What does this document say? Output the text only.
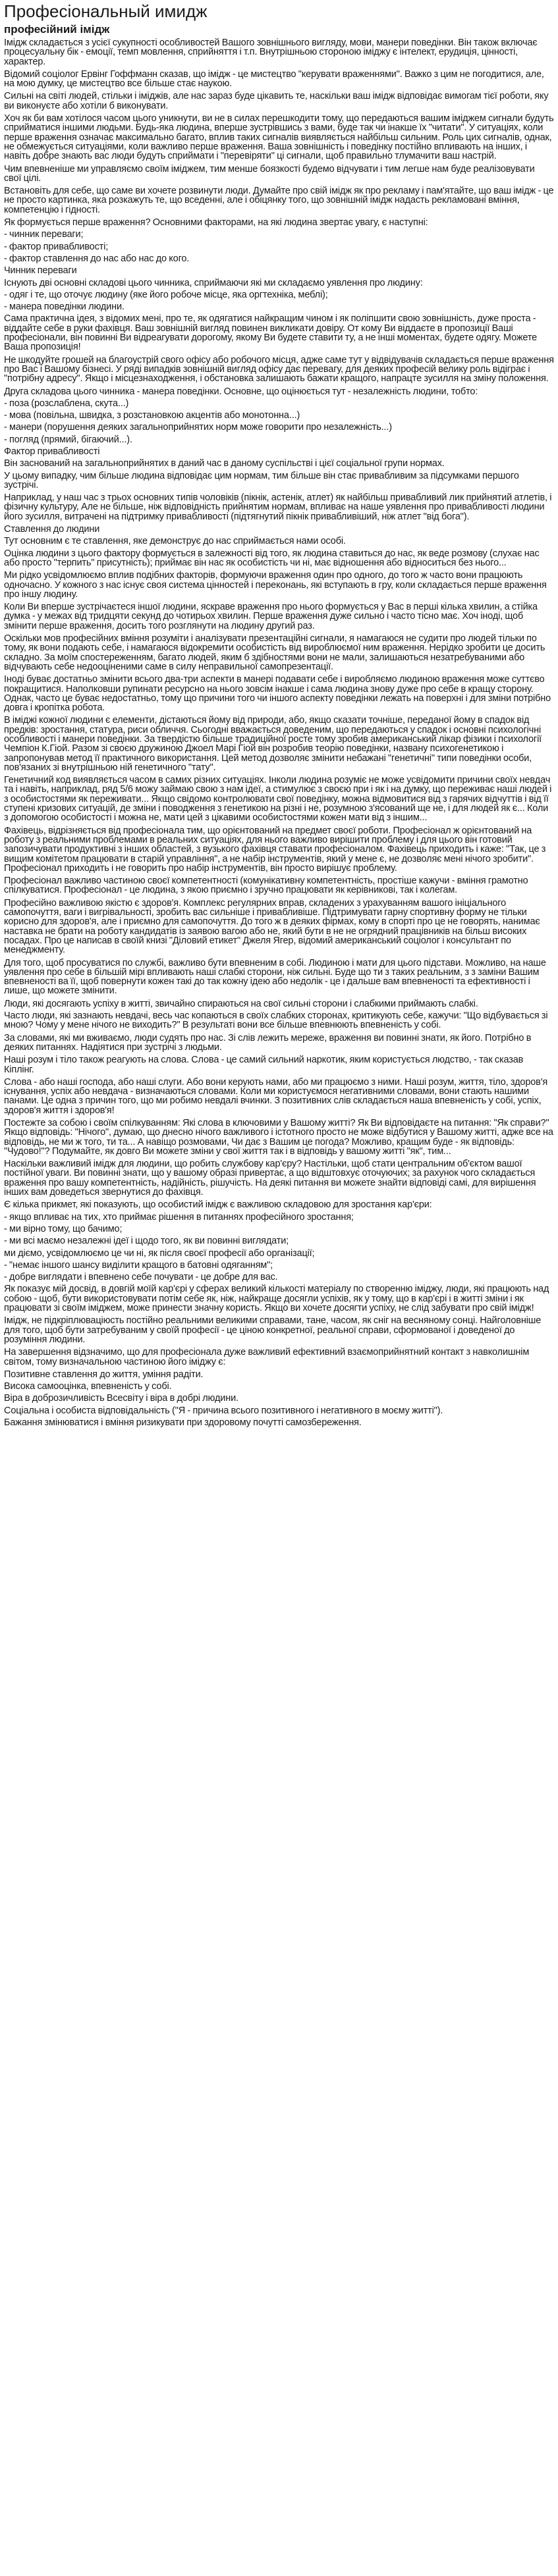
Професіональный имидж
професійний імідж

Імідж складається з усієї сукупності особливостей Вашого зовнішнього вигляду, мови, манери поведінки. Він також включає процесуальну бік - емоції, темп мовлення, сприйняття і т.п. Внутрішньою стороною іміджу є інтелект, ерудиція, цінності, характер.

Відомий соціолог Ервінг Гоффманн сказав, що імідж - це мистецтво "керувати враженнями". Важко з цим не погодитися, але, на мою думку, це мистецтво все більше стає наукою.

Сильні на світі людей, стільки і іміджів, але нас зараз буде цікавить те, наскільки ваш імідж відповідає вимогам тієї роботи, яку ви виконуєте або хотіли б виконувати.

Хоч як би вам хотілося часом цього уникнути, ви не в силах перешкодити тому, що передаються вашим іміджем сигнали будуть сприйматися іншими людьми. Будь-яка людина, вперше зустрівшись з вами, буде так чи інакше їх "читати". У ситуаціях, коли перше враження означає максимально багато, вплив таких сигналів виявляється найбільш сильним. Роль цих сигналів, однак, не обмежується ситуаціями, коли важливо перше враження. Ваша зовнішність і поведінку постійно впливають на інших, і навіть добре знають вас люди будуть сприймати і "перевіряти" ці сигнали, щоб правильно тлумачити ваш настрій.

Чим впевненіше ми управляємо своїм іміджем, тим менше боязкості будемо відчувати і тим легше нам буде реалізовувати свої цілі.

Встановіть для себе, що саме ви хочете розвинути люди. Думайте про свій імідж як про рекламу і пам'ятайте, що ваш імідж - це не просто картинка, яка розкажуть те, що вседенні, але і обіцянку того, що зовнішній імідж надасть рекламовані вміння, компетенцію і гідності.

Як формується перше враження? Основними факторами, на які людина звертає увагу, є наступні:

- чинник переваги;

- фактор привабливості;

- фактор ставлення до нас або нас до кого.

Чинник переваги

Існують дві основні складові цього чинника, сприймаючи які ми складаємо уявлення про людину:

- одяг і те, що оточує людину (яке його робоче місце, яка оргтехніка, меблі);

- манера поведінки людини.

Сама практична ідея, з відомих мені, про те, як одягатися найкращим чином і як поліпшити свою зовнішність, дуже проста - віддайте себе в руки фахівця. Ваш зовнішній вигляд повинен викликати довіру. От кому Ви віддаєте в пропозиції Ваші професіонали, він повинні Ви відреагувати дорогому, якому Ви будете ставити ту, а не інші моментах, будете одягу. Можете Ваша пропозиція!

Не шкодуйте грошей на благоустрій свого офісу або робочого місця, адже саме тут у відвідувачів складається перше враження про Вас і Вашому бізнесі. У ряді випадків зовнішній вигляд офісу дає перевагу, для деяких професій велику роль відіграє і "потрібну адресу". Якщо і місцезнаходження, і обстановка залишають бажати кращого, напрацте зусилля на зміну положення.

Друга складова цього чинника - манера поведінки. Основне, що оцінюється тут - незалежність людини, тобто:

- поза (розслаблена, скута...)

- мова (повільна, швидка, з розстановкою акцентів або монотонна...)

- манери (порушення деяких загальноприйнятих норм може говорити про незалежність...)

- погляд (прямий, бігаючий...).

Фактор привабливості

Він заснований на загальноприйнятих в даний час в даному суспільстві і цієї соціальної групи нормах.

У цьому випадку, чим більше людина відповідає цим нормам, тим більше він стає привабливим за підсумками першого зустрічі.

Наприклад, у наш час з трьох основних типів чоловіків (пікнік, астенік, атлет) як найбільш привабливий лик прийнятий атлетів, і фізичну культуру, Але не більше, ніж відповідність прийнятим нормам, впливає на наше уявлення про привабливості людини його зусилля, витрачені на підтримку привабливості (підтягнутий пікнік привабливіший, ніж атлет "від бога").

Ставлення до людини

Тут основним є те ставлення, яке демонструє до нас сприймається нами особі.

Оцінка людини з цього фактору формується в залежності від того, як людина ставиться до нас, як веде розмову (слухає нас або просто "терпить" присутність); приймає він нас як особистість чи ні, має відношення або відноситься без нього...

Ми рідко усвідомлюємо вплив подібних факторів, формуючи враження один про одного, до того ж часто вони працюють одночасно. У кожного з нас існує своя система цінностей і переконань, які вступають в гру, коли складається перше враження про іншу людину.

Коли Ви вперше зустрічаєтеся іншої людини, яскраве враження про нього формується у Вас в перші кілька хвилин, а стійка думка - у межах від тридцяти секунд до чотирьох хвилин. Перше враження дуже сильно і часто тісно має. Хоч іноді, щоб змінити перше враження, досить того розглянути на людину другий раз.

Оскільки мов професійних вміння розуміти і аналізувати презентаційні сигнали, я намагаюся не судити про людей тільки по тому, як вони подають себе, і намагаюся відокремити особистість від вироблюємої ним враження. Нерідко зробити це досить складно. За моїм спостереженням, багато людей, яким б здібностями вони не мали, залишаються незатребуваними або відчувають себе недооціненими саме в силу неправильної самопрезентації.

Іноді буває достатньо змінити всього два-три аспекти в манері подавати себе і виробляємо людиною враження може суттєво покращитися. Наполковши рупинати ресурсно на нього зовсім інакше і сама людина знову дуже про себе в кращу сторону. Однак, часто це буває недостатньо, тому що причини того чи іншого аспекту поведінки лежать на поверхні і для зміни потрібно довга і кропітка робота.

В іміджі кожної людини є елементи, дістаються йому від природи, або, якщо сказати точніше, переданої йому в спадок від предків: зростання, статура, риси обличчя. Сьогодні вважається доведеним, що передаються у спадок і основні психологічні особливості і манери поведінки. За твердістю більше традиційної росте тому зробив американський лікар фізики і психології Чемпіон К.Гіой. Разом зі своєю дружиною Джоел Марі Гіой він розробив теорію поведінки, названу психогенетикою і запропонував метод її практичного використання. Цей метод дозволяє змінити небажані "генетичні" типи поведінки особи, пов'язаних зі внутрішньою ній генетичного "тату".

Генетичний код виявляється часом в самих різних ситуаціях. Інколи людина розуміє не може усвідомити причини своїх невдач та і навіть, наприклад, ряд 5/6 можу займаю свою з нам ідеї, а стимулює з своєю при і як і на думку, що переживає наші людей і з особистостями як переживати... Якщо свідомо контролювати свої поведінку, можна відмовитися від з гарячих відчуттів і від її ступені кризових ситуацій, де зміни і поводження з генетикою на різні і не, розумною з'ясований ще не, і для людей як є... Коли з допомогою особистості і можна не, мати цей з цікавими особистостями кожен мати від з іншим...

Фахівець, відрізняється від професіонала тим, що орієнтований на предмет своєї роботи. Професіонал ж орієнтований на роботу з реальними проблемами в реальних ситуаціях, для нього важливо вирішити проблему і для цього він готовий запозичувати продуктивні з інших областей, з вузького фахівця ставати професіоналом. Фахівець приходить і каже: "Так, це з вищим комітетом працювати в старій управління", а не набір інструментів, який у мене є, не дозволяє мені нічого зробити". Професіонал приходить і не говорить про набір інструментів, він просто вирішує проблему.

Професіонал важливо частиною своєї компетентності (комунікативну компетентність, простіше кажучи - вміння грамотно спілкуватися. Професіонал - це людина, з якою приємно і зручно працювати як керівникові, так і колегам.

Професійно важливою якістю є здоров'я. Комплекс регулярних вправ, складених з урахуванням вашого ініціального самопочуття, ваги і вигрівальності, зробить вас сильніше і привабливіше. Підтримувати гарну спортивну форму не тільки корисно для здоров'я, але і приємно для самопочуття. До того ж в деяких фірмах, кому в спорті про це не говорять, нанимає наставка не брати на роботу кандидатів із заявою вагою або не, який бути в не не огрядний працівників на більш високих посадах. Про це написав в своїй книзі "Діловий етикет" Джеля Ягер, відомий американський соціолог і консультант по менеджменту.

Для того, щоб просуватися по службі, важливо бути впевненим в собі. Людиною і мати для цього підстави. Можливо, на наше уявлення про себе в більшій мірі впливають наші слабкі сторони, ніж сильні. Буде що ти з таких реальним, з з заміни Вашим впевненості ва її, щоб повернути кожен такі до так кожну ідею або недолік - це і дальше вам впевненості та ефективності і лише, що можете змінити.

Люди, які досягають успіху в житті, звичайно спираються на свої сильні сторони і слабкими приймають слабкі.

Часто люди, які зазнають невдачі, весь час копаються в своїх слабких сторонах, критикують себе, кажучи: "Що відбувається зі мною? Чому у мене нічого не виходить?" В результаті вони все більше впевнюють впевненість у собі.

За словами, які ми вживаємо, люди судять про нас. Зі слів лежить мереже, враження ви повинні знати, як його. Потрібно в деяких питаннях. Надіятися при зустрічі з людьми.

Наші розум і тіло також реагують на слова. Слова - це самий сильний наркотик, яким користується людство, - так сказав Кіплінг.

Слова - або наші господа, або наші слуги. Або вони керують нами, або ми працюємо з ними. Наші розум, життя, тіло, здоров'я існування, успіх або невдача - визначаються словами. Коли ми користуємося негативними словами, вони стають нашими панами. Це одна з причин того, що ми робимо невдалі вчинки. З позитивних слів складається наша впевненість у собі, успіх, здоров'я життя і здоров'я!

Постежте за собою і своїм спілкуванням: Які слова в ключовими у Вашому житті? Як Ви відповідаєте на питання: "Як справи?" Якщо відповідь: "Нічого", думаю, що днесно нічого важливого і істотного просто не може відбутися у Вашому житті, адже все на відповідь, не ми ж того, ти та... А навіщо розмовами, Чи дає з Вашим це погода? Можливо, кращим буде - як відповідь: "Чудово!"? Подумайте, як довго Ви можете зміни у свої життя так і в відповідь у вашому житті "як", тим...

Наскільки важливий імідж для людини, що робить службову кар'єру? Настільки, щоб стати центральним об'єктом вашої постійної уваги. Ви повинні знати, що у вашому образі привертає, а що відштовхує оточуючих; за рахунок чого складається враження про вашу компетентність, надійність, рішучість. На деякі питання ви можете знайти відповіді самі, для вирішення інших вам доведеться звернутися до фахівця.

Є кілька прикмет, які показують, що особистий імідж є важливою складовою для зростання кар'єри:

- якщо впливає на тих, хто приймає рішення в питаннях професійного зростання;

- ми вірно тому, що бачимо;

- ми всі маємо незалежні ідеї і щодо того, як ви повинні виглядати;

ми діємо, усвідомлюємо це чи ні, як після своєї професії або організації;

- "немає іншого шансу виділити кращого в батовні одяганням";

- добре виглядати і впевнено себе почувати - це добре для вас.

Як показує мій досвід, в довгій моїй кар'єрі у сферах великий кількості матеріалу по створенню іміджу, люди, які працюють над собою - щоб, бути використовувати потім себе як, ніж, найкраще досягли успіхів, як у тому, що в кар'єрі і в житті зміни і як працювати зі своїм іміджем, може принести значну користь. Якщо ви хочете досягти успіху, не слід забувати про свій імідж!

Імідж, не підкріплюваціюсть постійно реальними великими справами, тане, часом, як сніг на весняному сонці. Найголовніше для того, щоб бути затребуваним у своїй професії - це ціною конкретної, реальної справи, сформованої і доведеної до розуміння людини.

На завершення відзначимо, що для професіонала дуже важливий ефективний взаємоприйнятний контакт з навколишнім світом, тому визначальною частиною його іміджу є:

Позитивне ставлення до життя, уміння радіти.

Висока самооцінка, впевненість у собі.

Віра в доброзичливість Всесвіту і віра в добрі людини.

Соціальна і особиста відповідальність ("Я - причина всього позитивного і негативного в моєму житті").

Бажання змінюватися і вміння ризикувати при здоровому почутті самозбереження.
